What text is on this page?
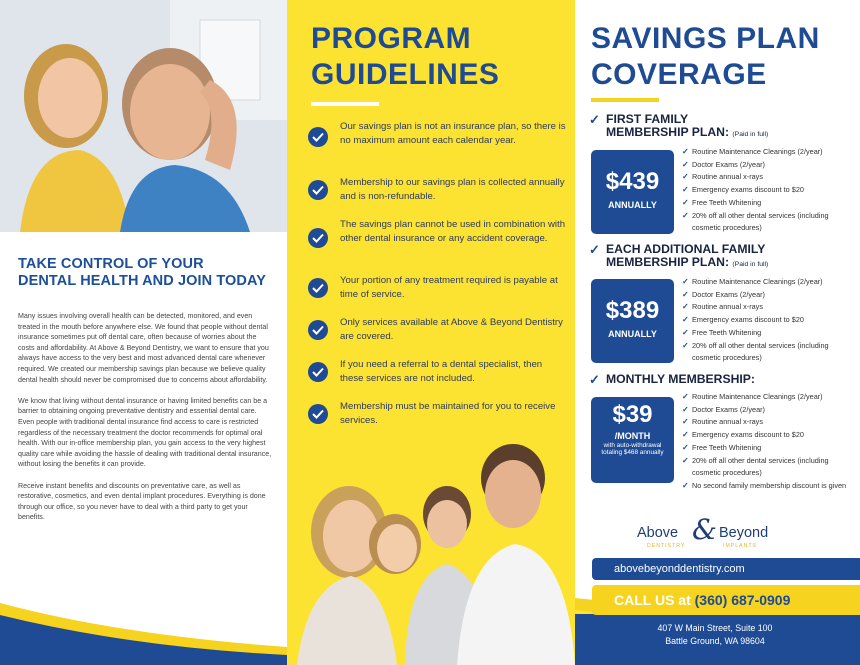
TAKE CONTROL OF YOUR
DENTAL HEALTH AND JOIN TODAY

Many issues involving overall health can be detected, monitored, and even treated in the mouth before anywhere else. We found that people without dental insurance sometimes put off dental care, often because of worries about the costs and affordability. At Above & Beyond Dentistry, we want to ensure that you always have access to the very best and most advanced dental care whenever required. We created our membership savings plan because we believe quality dental health should never be compromised due to concerns about affordability.

We know that living without dental insurance or having limited benefits can be a barrier to obtaining ongoing preventative dentistry and essential dental care. Even people with traditional dental insurance find access to care is restricted regardless of the necessary treatment the doctor recommends for optimal oral health. With our in-office membership plan, you gain access to the very highest quality care while avoiding the hassle of dealing with traditional dental insurance, without losing the benefits it can provide.

Receive instant benefits and discounts on preventative care, as well as restorative, cosmetics, and even dental implant procedures. Everything is done through our office, so you never have to deal with a third party to get your benefits.

PROGRAM
GUIDELINES
Our savings plan is not an insurance plan, so there is no maximum amount each calendar year.
Membership to our savings plan is collected annually and is non-refundable.
The savings plan cannot be used in combination with other dental insurance or any accident coverage.
Your portion of any treatment required is payable at time of service.
Only services available at Above & Beyond Dentistry are covered.
If you need a referral to a dental specialist, then these services are not included.
Membership must be maintained for you to receive services.
SAVINGS PLAN
COVERAGE
✓ FIRST FAMILY
MEMBERSHIP PLAN: (Paid in full)
$439
ANNUALLY
✓ Routine Maintenance Cleanings (2/year)
✓ Doctor Exams (2/year)
✓ Routine annual x-rays
✓ Emergency exams discount to $20
✓ Free Teeth Whitening
✓ 20% off all other dental services (including cosmetic procedures)
✓ EACH ADDITIONAL FAMILY
MEMBERSHIP PLAN: (Paid in full)
$389
ANNUALLY
✓ Routine Maintenance Cleanings (2/year)
✓ Doctor Exams (2/year)
✓ Routine annual x-rays
✓ Emergency exams discount to $20
✓ Free Teeth Whitening
✓ 20% off all other dental services (including cosmetic procedures)
✓ MONTHLY MEMBERSHIP:
$39
/MONTH
with auto-withdrawal totaling $468 annually
✓ Routine Maintenance Cleanings (2/year)
✓ Doctor Exams (2/year)
✓ Routine annual x-rays
✓ Emergency exams discount to $20
✓ Free Teeth Whitening
✓ 20% off all other dental services (including cosmetic procedures)
✓ No second family membership discount is given
Above & Beyond
DENTISTRY	IMPLANTS
abovebeyonddentistry.com
CALL US at (360) 687-0909
407 W Main Street, Suite 100
Battle Ground, WA 98604
